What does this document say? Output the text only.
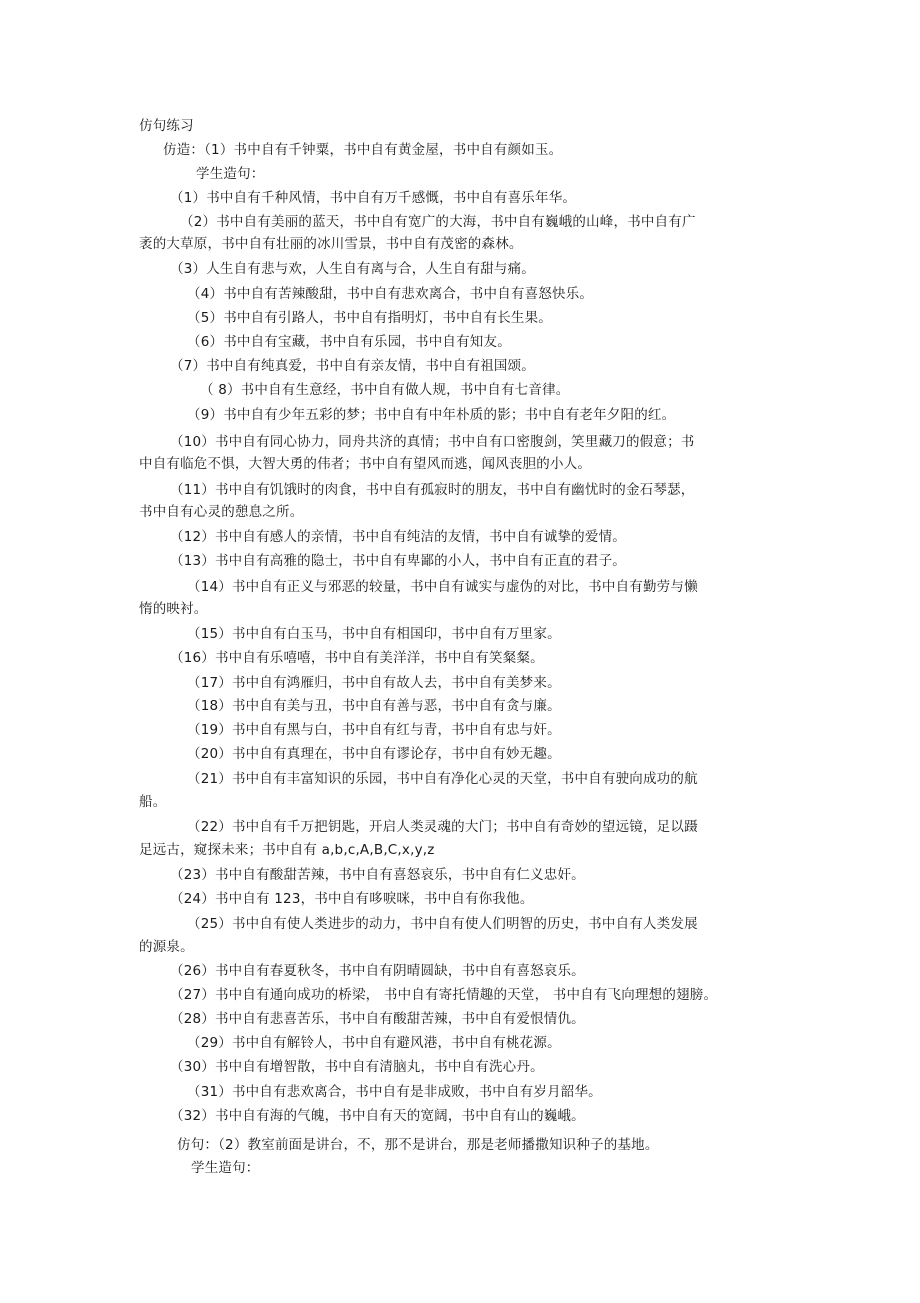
仿句练习
仿造：（1）书中自有千钟粟，书中自有黄金屋，书中自有颜如玉。
学生造句：
（1）书中自有千种风情，书中自有万千感慨，书中自有喜乐年华。
（2）书中自有美丽的蓝天，书中自有宽广的大海，书中自有巍峨的山峰，书中自有广
袤的大草原，书中自有壮丽的冰川雪景，书中自有茂密的森林。
（3）人生自有悲与欢，人生自有离与合，人生自有甜与痛。
（4）书中自有苦辣酸甜，书中自有悲欢离合，书中自有喜怒快乐。
（5）书中自有引路人，书中自有指明灯，书中自有长生果。
（6）书中自有宝藏，书中自有乐园，书中自有知友。
（7）书中自有纯真爱，书中自有亲友情，书中自有祖国颂。
（ 8）书中自有生意经，书中自有做人规，书中自有七音律。
（9）书中自有少年五彩的梦；书中自有中年朴质的影；书中自有老年夕阳的红。
（10）书中自有同心协力，同舟共济的真情；书中自有口密腹剑，笑里藏刀的假意；书
中自有临危不惧，大智大勇的伟者；书中自有望风而逃，闻风丧胆的小人。
（11）书中自有饥饿时的肉食，书中自有孤寂时的朋友，书中自有幽忧时的金石琴瑟，
书中自有心灵的憩息之所。
（12）书中自有感人的亲情，书中自有纯洁的友情，书中自有诚挚的爱情。
（13）书中自有高雅的隐士，书中自有卑鄙的小人，书中自有正直的君子。
（14）书中自有正义与邪恶的较量，书中自有诚实与虚伪的对比，书中自有勤劳与懒
惰的映衬。
（15）书中自有白玉马，书中自有相国印，书中自有万里家。
（16）书中自有乐嘻嘻，书中自有美洋洋，书中自有笑粲粲。
（17）书中自有鸿雁归，书中自有故人去，书中自有美梦来。
（18）书中自有美与丑，书中自有善与恶，书中自有贪与廉。
（19）书中自有黑与白，书中自有红与青，书中自有忠与奸。
（20）书中自有真理在，书中自有谬论存，书中自有妙无趣。
（21）书中自有丰富知识的乐园，书中自有净化心灵的天堂，书中自有驶向成功的航
船。
（22）书中自有千万把钥匙，开启人类灵魂的大门；书中自有奇妙的望远镜，足以蹑
足远古，窥探未来；书中自有 a,b,c,A,B,C,x,y,z
（23）书中自有酸甜苦辣，书中自有喜怒哀乐，书中自有仁义忠奸。
（24）书中自有 123，书中自有哆唳咪，书中自有你我他。
（25）书中自有使人类进步的动力，书中自有使人们明智的历史，书中自有人类发展
的源泉。
（26）书中自有春夏秋冬，书中自有阴晴圆缺，书中自有喜怒哀乐。
（27）书中自有通向成功的桥梁， 书中自有寄托情趣的天堂， 书中自有飞向理想的翅膀。
（28）书中自有悲喜苦乐，书中自有酸甜苦辣，书中自有爱恨情仇。
（29）书中自有解铃人，书中自有避风港，书中自有桃花源。
（30）书中自有增智散，书中自有清脑丸，书中自有洗心丹。
（31）书中自有悲欢离合，书中自有是非成败，书中自有岁月韶华。
（32）书中自有海的气魄，书中自有天的宽阔，书中自有山的巍峨。
仿句：（2）教室前面是讲台，不，那不是讲台，那是老师播撒知识种子的基地。
学生造句：
